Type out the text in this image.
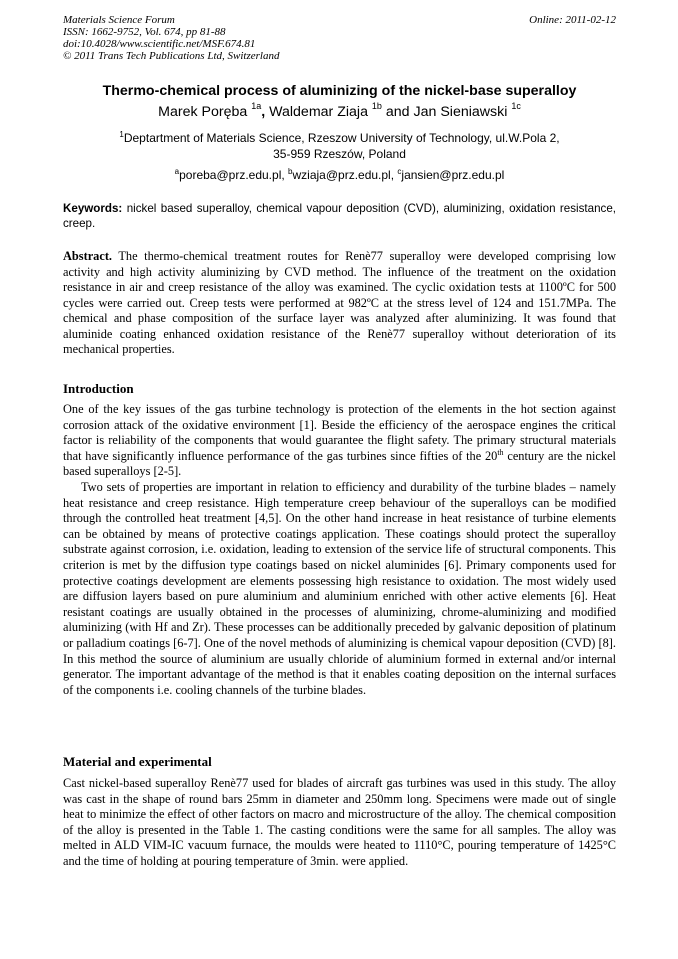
Materials Science Forum
ISSN: 1662-9752, Vol. 674, pp 81-88
doi:10.4028/www.scientific.net/MSF.674.81
© 2011 Trans Tech Publications Ltd, Switzerland
Online: 2011-02-12
Thermo-chemical process of aluminizing of the nickel-base superalloy
Marek Poręba $^{1a}$, Waldemar Ziaja $^{1b}$ and Jan Sieniawski $^{1c}$
$^1$Deptartment of Materials Science, Rzeszow University of Technology, ul.W.Pola 2,
35-959 Rzeszów, Poland
$^a$poreba@prz.edu.pl, $^b$wziaja@prz.edu.pl, $^c$jansien@prz.edu.pl
Keywords: nickel based superalloy, chemical vapour deposition (CVD), aluminizing, oxidation resistance, creep.
Abstract. The thermo-chemical treatment routes for Renè77 superalloy were developed comprising low activity and high activity aluminizing by CVD method. The influence of the treatment on the oxidation resistance in air and creep resistance of the alloy was examined. The cyclic oxidation tests at 1100ºC for 500 cycles were carried out. Creep tests were performed at 982ºC at the stress level of 124 and 151.7MPa. The chemical and phase composition of the surface layer was analyzed after aluminizing. It was found that aluminide coating enhanced oxidation resistance of the Renè77 superalloy without deterioration of its mechanical properties.
Introduction

One of the key issues of the gas turbine technology is protection of the elements in the hot section against corrosion attack of the oxidative environment [1]. Beside the efficiency of the aerospace engines the critical factor is reliability of the components that would guarantee the flight safety. The primary structural materials that have significantly influence performance of the gas turbines since fifties of the 20th century are the nickel based superalloys [2-5].

Two sets of properties are important in relation to efficiency and durability of the turbine blades – namely heat resistance and creep resistance. High temperature creep behaviour of the superalloys can be modified through the controlled heat treatment [4,5]. On the other hand increase in heat resistance of turbine elements can be obtained by means of protective coatings application. These coatings should protect the superalloy substrate against corrosion, i.e. oxidation, leading to extension of the service life of structural components. This criterion is met by the diffusion type coatings based on nickel aluminides [6]. Primary components used for protective coatings development are elements possessing high resistance to oxidation. The most widely used are diffusion layers based on pure aluminium and aluminium enriched with other active elements [6]. Heat resistant coatings are usually obtained in the processes of aluminizing, chrome-aluminizing and modified aluminizing (with Hf and Zr). These processes can be additionally preceded by galvanic deposition of platinum or palladium coatings [6-7]. One of the novel methods of aluminizing is chemical vapour deposition (CVD) [8]. In this method the source of aluminium are usually chloride of aluminium formed in external and/or internal generator. The important advantage of the method is that it enables coating deposition on the internal surfaces of the components i.e. cooling channels of the turbine blades.

Material and experimental

Cast nickel-based superalloy Renè77 used for blades of aircraft gas turbines was used in this study. The alloy was cast in the shape of round bars 25mm in diameter and 250mm long. Specimens were made out of single heat to minimize the effect of other factors on macro and microstructure of the alloy. The chemical composition of the alloy is presented in the Table 1. The casting conditions were the same for all samples. The alloy was melted in ALD VIM-IC vacuum furnace, the moulds were heated to 1110°C, pouring temperature of 1425°C and the time of holding at pouring temperature of 3min. were applied.
